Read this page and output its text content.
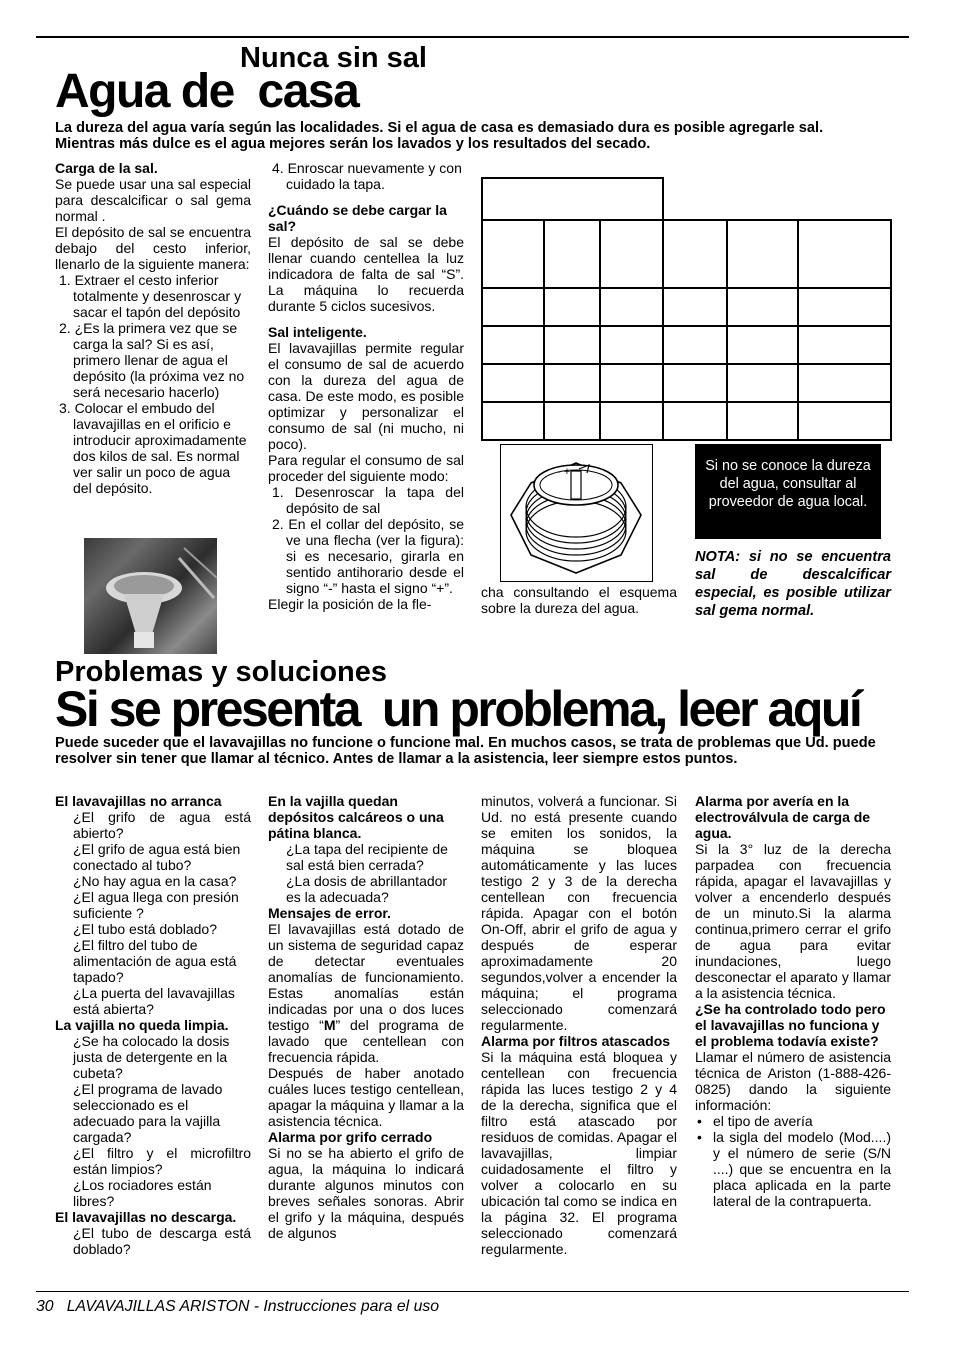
Nunca sin sal
Agua de  casa
La dureza del agua varía según las localidades. Si el agua de casa es demasiado dura es posible agregarle sal. Mientras más dulce es el agua mejores serán los lavados y los resultados del secado.

Carga de la sal.

Se puede usar una sal especial para descalcificar o sal gema normal .

El depósito de sal se encuentra debajo del cesto inferior, llenarlo de la siguiente manera:

1. Extraer el cesto inferior totalmente y desenroscar y sacar el tapón del depósito

2. ¿Es la primera vez que se carga la sal? Si es así, primero llenar de agua el depósito (la próxima vez no será necesario hacerlo)

3. Colocar el embudo del lavavajillas en el orificio e introducir aproximadamente dos kilos de sal. Es normal ver salir un poco de agua del depósito.

4. Enroscar nuevamente y con cuidado la tapa.

¿Cuándo se debe cargar la sal?

El depósito de sal se debe llenar cuando centellea la luz indicadora de falta de sal “S”. La máquina lo recuerda durante 5 ciclos sucesivos.

Sal inteligente.

El lavavajillas permite regular el consumo de sal de acuerdo con la dureza del agua de casa. De este modo, es posible optimizar y personalizar el consumo de sal (ni mucho, ni poco).

Para regular el consumo de sal proceder del siguiente modo:

1. Desenroscar la tapa del depósito de sal

2. En el collar del depósito, se ve una flecha (ver la figura): si es necesario, girarla en sentido antihorario desde el signo “-” hasta el signo “+”.

Elegir la posición de la fle-

- +
cha consultando el esquema sobre la dureza del agua.
Si no se conoce la dureza del agua, consultar al proveedor de agua local.
NOTA: si no se encuentra sal de descalcificar especial, es posible utilizar sal gema normal.
Problemas y soluciones
Si se presenta  un problema, leer aquí
Puede suceder que el lavavajillas no funcione o funcione mal. En muchos casos, se trata de problemas que Ud. puede resolver sin tener que llamar al técnico. Antes de llamar a la asistencia, leer siempre estos puntos.

El lavavajillas no arranca

¿El grifo de agua está abierto?

¿El grifo de agua está bien conectado al tubo?

¿No hay agua en la casa?

¿El agua llega con presión suficiente ?

¿El tubo está doblado?

¿El filtro del tubo de alimentación de agua está tapado?

¿La puerta del lavavajillas está abierta?

La vajilla no queda limpia.

¿Se ha colocado la dosis justa de detergente en la cubeta?

¿El programa de lavado seleccionado es el adecuado para la vajilla cargada?

¿El filtro y el microfiltro están limpios?

¿Los rociadores están libres?

El lavavajillas no descarga.

¿El tubo de descarga está doblado?

En la vajilla quedan depósitos calcáreos o una pátina blanca.

¿La tapa del recipiente de sal está bien cerrada?

¿La dosis de abrillantador es la adecuada?

Mensajes de error.

El lavavajillas está dotado de un sistema de seguridad capaz de detectar eventuales anomalías de funcionamiento. Estas anomalías están indicadas por una o dos luces testigo “M” del programa de lavado que centellean con frecuencia rápida.

Después de haber anotado cuáles luces testigo centellean, apagar la máquina y llamar a la asistencia técnica.

Alarma por grifo cerrado

Si no se ha abierto el grifo de agua, la máquina lo indicará durante algunos minutos con breves señales sonoras. Abrir el grifo y la máquina, después de algunos

minutos, volverá a funcionar. Si Ud. no está presente cuando se emiten los sonidos, la máquina se bloquea automáticamente y las luces testigo 2 y 3 de la derecha centellean con frecuencia rápida. Apagar con el botón On-Off, abrir el grifo de agua y después de esperar aproximadamente 20 segundos,volver a encender la máquina; el programa seleccionado comenzará regularmente.

Alarma por filtros atascados

Si la máquina está bloquea y centellean con frecuencia rápida las luces testigo 2 y 4 de la derecha, significa que el filtro está atascado por residuos de comidas. Apagar el lavavajillas, limpiar cuidadosamente el filtro y volver a colocarlo en su ubicación tal como se indica en la página 32. El programa seleccionado comenzará regularmente.

Alarma por avería en la electroválvula de carga de agua.

Si la 3° luz de la derecha parpadea con frecuencia rápida, apagar el lavavajillas y volver a encenderlo después de un minuto.Si la alarma continua,primero cerrar el grifo de agua para evitar inundaciones, luego desconectar el aparato y llamar a la asistencia técnica.

¿Se ha controlado todo pero el lavavajillas no funciona y el problema todavía existe?

Llamar el número de asistencia técnica de Ariston (1-888-426-0825) dando la siguiente información:

• el tipo de avería
• la sigla del modelo (Mod....) y el número de serie (S/N ....) que se encuentra en la placa aplicada en la parte lateral de la contrapuerta.
30   LAVAVAJILLAS ARISTON - Instrucciones para el uso
